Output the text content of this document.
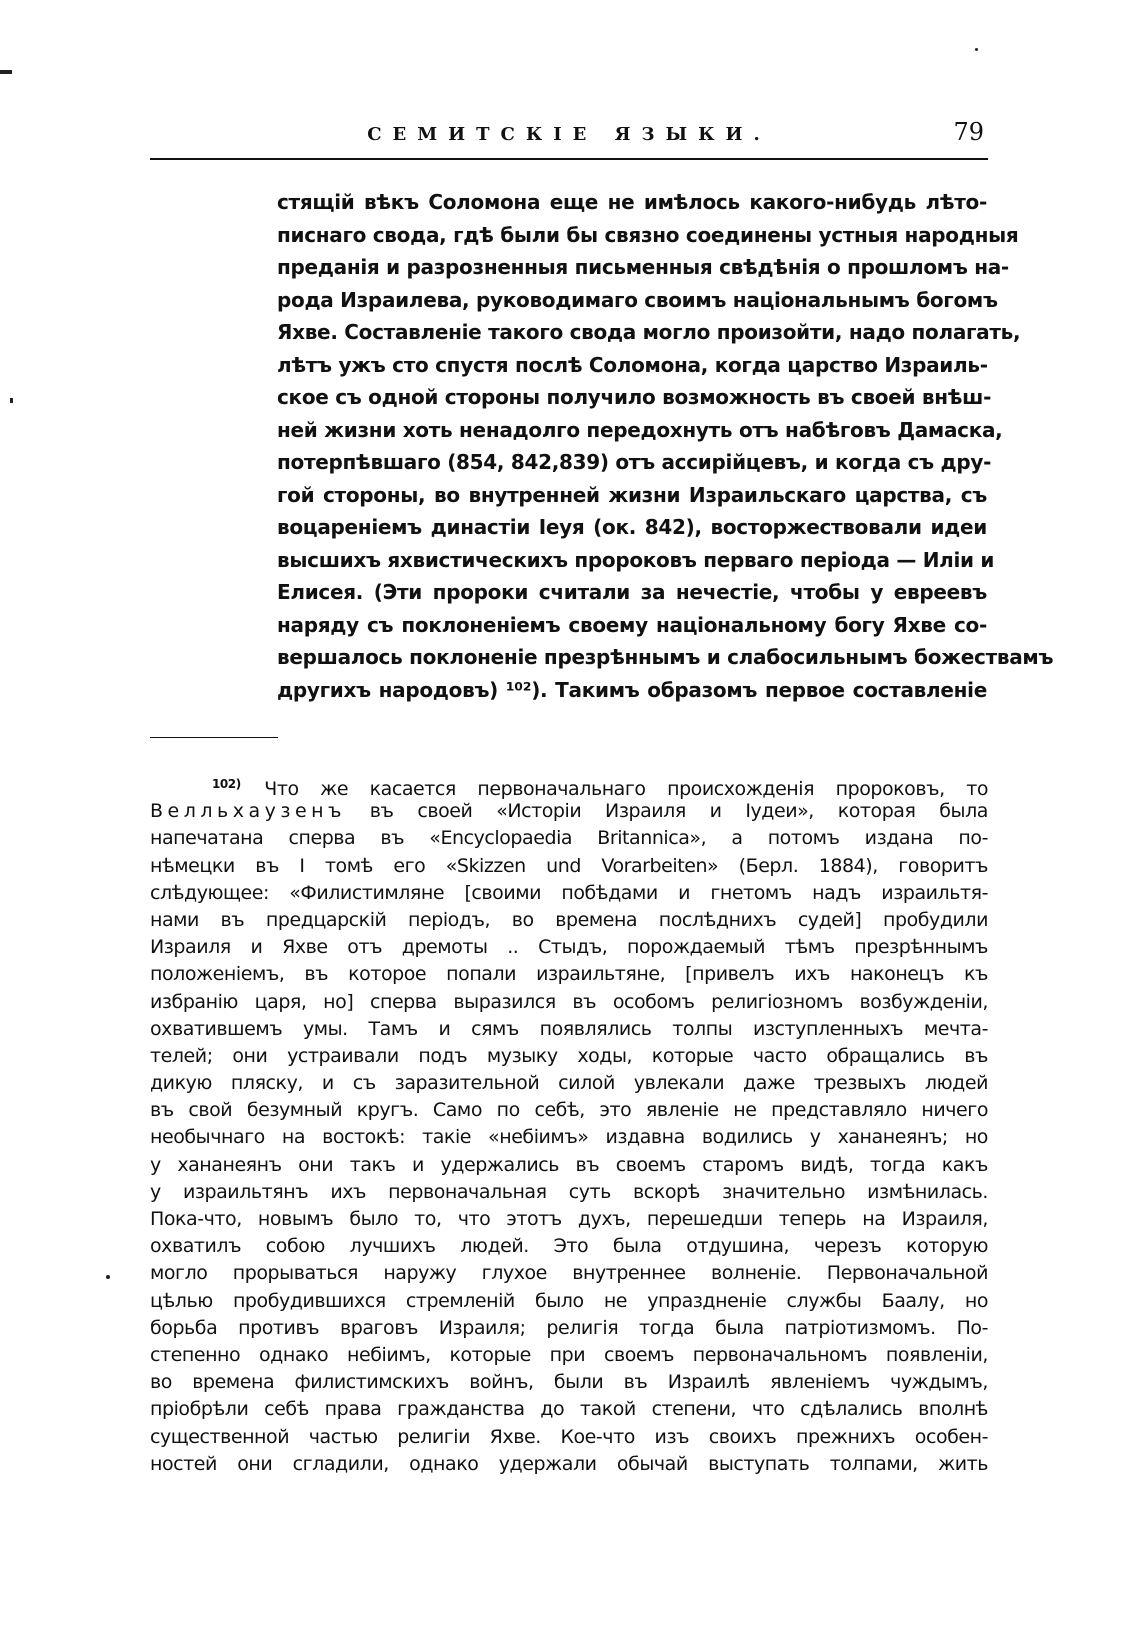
СЕМИТСКІЕ ЯЗЫКИ.	79
стящій вѣкъ Соломона еще не имѣлось какого-нибудь лѣто-
писнаго свода, гдѣ были бы связно соединены устныя народныя
преданія и разрозненныя письменныя свѣдѣнія о прошломъ на-
рода Израилева, руководимаго своимъ національнымъ богомъ
Яхве. Составленіе такого свода могло произойти, надо полагать,
лѣтъ ужъ сто спустя послѣ Соломона, когда царство Израиль-
ское съ одной стороны получило возможность въ своей внѣш-
ней жизни хоть ненадолго передохнуть отъ набѣговъ Дамаска,
потерпѣвшаго (854, 842,839) отъ ассирійцевъ, и когда съ дру-
гой стороны, во внутренней жизни Израильскаго царства, съ
воцареніемъ династіи Іеуя (ок. 842), восторжествовали идеи
высшихъ яхвистическихъ пророковъ перваго періода — Иліи и
Елисея. (Эти пророки считали за нечестіе, чтобы у евреевъ
наряду съ поклоненіемъ своему національному богу Яхве со-
вершалось поклоненіе презрѣннымъ и слабосильнымъ божествамъ
другихъ народовъ) ¹⁰²). Такимъ образомъ первое составленіе
$^{102)}$ Что же касается первоначальнаго происхожденія пророковъ, то
Велльхаузенъ въ своей «Исторіи Израиля и Іудеи», которая была
напечатана сперва въ «Encyclopaedia Britannica», а потомъ издана по-
нѣмецки въ I томѣ его «Skizzen und Vorarbeiten» (Берл. 1884), говоритъ
слѣдующее: «Филистимляне [своими побѣдами и гнетомъ надъ израильтя-
нами въ предцарскій періодъ, во времена послѣднихъ судей] пробудили
Израиля и Яхве отъ дремоты .. Стыдъ, порождаемый тѣмъ презрѣннымъ
положеніемъ, въ которое попали израильтяне, [привелъ ихъ наконецъ къ
избранію царя, но] сперва выразился въ особомъ религіозномъ возбужденіи,
охватившемъ умы. Тамъ и сямъ появлялись толпы изступленныхъ мечта-
телей; они устраивали подъ музыку ходы, которые часто обращались въ
дикую пляску, и съ заразительной силой увлекали даже трезвыхъ людей
въ свой безумный кругъ. Само по себѣ, это явленіе не представляло ничего
необычнаго на востокѣ: такіе «небіимъ» издавна водились у хананеянъ; но
у хананеянъ они такъ и удержались въ своемъ старомъ видѣ, тогда какъ
у израильтянъ ихъ первоначальная суть вскорѣ значительно измѣнилась.
Пока-что, новымъ было то, что этотъ духъ, перешедши теперь на Израиля,
охватилъ собою лучшихъ людей. Это была отдушина, черезъ которую
могло прорываться наружу глухое внутреннее волненіе. Первоначальной
цѣлью пробудившихся стремленій было не упраздненіе службы Баалу, но
борьба противъ враговъ Израиля; религія тогда была патріотизмомъ. По-
степенно однако небіимъ, которые при своемъ первоначальномъ появленіи,
во времена филистимскихъ войнъ, были въ Израилѣ явленіемъ чуждымъ,
пріобрѣли себѣ права гражданства до такой степени, что сдѣлались вполнѣ
существенной частью религіи Яхве. Кое-что изъ своихъ прежнихъ особен-
ностей они сгладили, однако удержали обычай выступать толпами, жить
